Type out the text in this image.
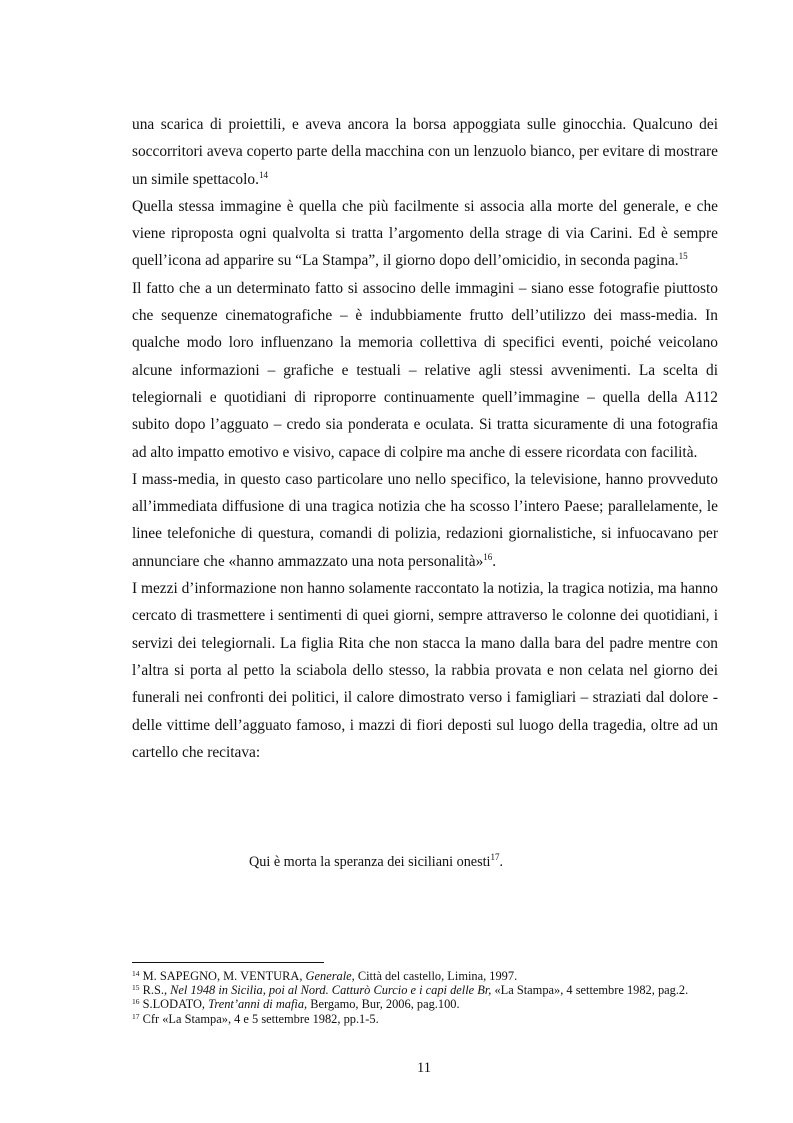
una scarica di proiettili, e aveva ancora la borsa appoggiata sulle ginocchia. Qualcuno dei soccorritori aveva coperto parte della macchina con un lenzuolo bianco, per evitare di mostrare un simile spettacolo.$^{14}$

Quella stessa immagine è quella che più facilmente si associa alla morte del generale, e che viene riproposta ogni qualvolta si tratta l’argomento della strage di via Carini. Ed è sempre quell’icona ad apparire su “La Stampa”, il giorno dopo dell’omicidio, in seconda pagina.$^{15}$

Il fatto che a un determinato fatto si associno delle immagini – siano esse fotografie piuttosto che sequenze cinematografiche – è indubbiamente frutto dell’utilizzo dei mass-media. In qualche modo loro influenzano la memoria collettiva di specifici eventi, poiché veicolano alcune informazioni – grafiche e testuali – relative agli stessi avvenimenti. La scelta di telegiornali e quotidiani di riproporre continuamente quell’immagine – quella della A112 subito dopo l’agguato – credo sia ponderata e oculata. Si tratta sicuramente di una fotografia ad alto impatto emotivo e visivo, capace di colpire ma anche di essere ricordata con facilità.

I mass-media, in questo caso particolare uno nello specifico, la televisione, hanno provveduto all’immediata diffusione di una tragica notizia che ha scosso l’intero Paese; parallelamente, le linee telefoniche di questura, comandi di polizia, redazioni giornalistiche, si infuocavano per annunciare che «hanno ammazzato una nota personalità»$^{16}$.

I mezzi d’informazione non hanno solamente raccontato la notizia, la tragica notizia, ma hanno cercato di trasmettere i sentimenti di quei giorni, sempre attraverso le colonne dei quotidiani, i servizi dei telegiornali. La figlia Rita che non stacca la mano dalla bara del padre mentre con l’altra si porta al petto la sciabola dello stesso, la rabbia provata e non celata nel giorno dei funerali nei confronti dei politici, il calore dimostrato verso i famigliari – straziati dal dolore - delle vittime dell’agguato famoso, i mazzi di fiori deposti sul luogo della tragedia, oltre ad un cartello che recitava:

Qui è morta la speranza dei siciliani onesti$^{17}$.

$^{14}$ M. SAPEGNO, M. VENTURA, Generale, Città del castello, Limina, 1997.

$^{15}$ R.S., Nel 1948 in Sicilia, poi al Nord. Catturò Curcio e i capi delle Br, «La Stampa», 4 settembre 1982, pag.2.

$^{16}$ S.LODATO, Trent’anni di mafia, Bergamo, Bur, 2006, pag.100.

$^{17}$ Cfr «La Stampa», 4 e 5 settembre 1982, pp.1-5.

11
